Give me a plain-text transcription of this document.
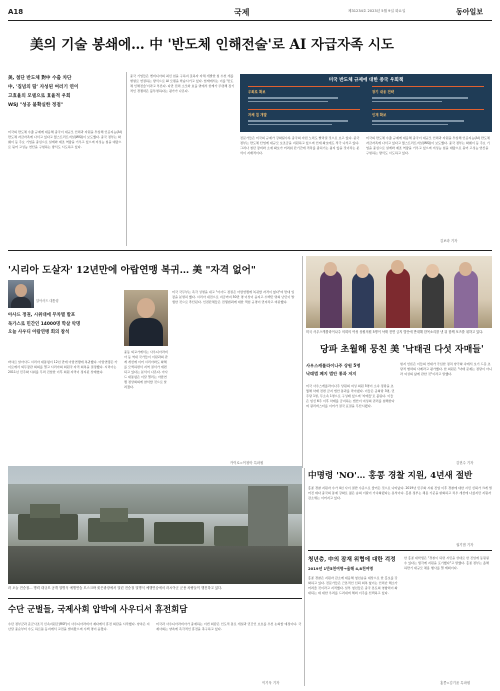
A18	국제	제31234호 2023년 5월 9일 화요일	동아일보
美의 기술 봉쇄에… 中 '반도체 인해전술'로 AI 자급자족 시도
美, 첨단 반도체 對中 수출 차단
中, '집념의 땀' 자성된 여러기 연이
고효율의 모델으로 효율적 우회
WSJ "성공 불확실한 정점"
미국의 반도체 수출 규제에 대응해 중국이 대규모 인력과 자원을 투입해 인공지능(AI) 반도체 자급자족에 나서고 있다고 월스트리트저널(WSJ)이 보도했다. 중국 정부는 화웨이 등 주요 기업을 중심으로 설계와 제조 역량을 키우고 있으며 저성능 칩을 대량으로 묶어 고성능 연산을 구현하는 방식도 시도하고 있다.
중국 기업들은 엔비디아의 최신 칩을 구하지 못하자 자체 개발한 칩 수천 개를 병렬로 연결하는 방식으로 AI 모델을 학습시키고 있다. 업계에서는 이를 '반도체 인해전술'이라고 부른다. 다만 전력 소모와 효율 면에서 한계가 뚜렷해 장기적인 경쟁력은 불투명하다는 평가가 나온다.
미국 반도체 규제에 대한 중국 우회책
우회로 확보	장기 대응 전략
자체 칩 개발	인재 확보
전문가들은 미국의 규제가 강화될수록 중국의 자립 노력도 빨라질 것으로 보고 있다. 중국 정부는 반도체 산업에 대규모 보조금을 지원하고 있으며 인재 확보에도 적극 나서고 있다. 그러나 첨단 장비와 소재 확보가 어려워 단기간에 격차를 좁히기는 쉽지 않을 것이라는 분석이 지배적이다.
미국의 반도체 수출 규제에 대응해 중국이 대규모 인력과 자원을 투입해 인공지능(AI) 반도체 자급자족에 나서고 있다고 월스트리트저널(WSJ)이 보도했다. 중국 정부는 화웨이 등 주요 기업을 중심으로 설계와 제조 역량을 키우고 있으며 저성능 칩을 대량으로 묶어 고성능 연산을 구현하는 방식도 시도하고 있다.
김보라 기자
'시리아 도살자' 12년만에 아랍연맹 복귀… 美 "자격 없어"
알아사드 대통령
아사드 정권, 시위대에 무차별 발포
독가스로 민간인 14000명 학살 악명
오늘 사우디 아랍연맹 회의 참석
바샤르 알아사드 시리아 대통령이 12년 만에 아랍연맹에 복귀했다. 아랍연맹은 카이로에서 외무장관 회의를 열고 시리아의 회원국 자격 회복을 결정했다. 시리아는 2011년 민주화 시위를 무력 진압한 이후 회원 자격이 정지된 상태였다.
미국 국무부는 즉각 성명을 내고 "아사드 정권은 아랍연맹에 복귀할 자격이 없다"며 반대 입장을 분명히 했다. 시리아 내전으로 지금까지 50만 명 이상이 숨지고 수백만 명의 난민이 발생한 것으로 추산된다. 인권단체들은 전쟁범죄에 대한 책임 규명이 먼저라고 비판했다.
중동 외교가에서는 사우디아라비아 등 역내 국가들이 이란과의 관계 개선에 이어 시리아와도 화해를 모색하면서 지역 질서가 재편되고 있다는 분석이 나온다. 아사드 대통령은 이달 열리는 아랍연맹 정상회의에 참석할 것으로 알려졌다.
카이로=이청아 특파원
미국 사우스캐롤라이나주 의회의 여성 상원의원 5명이 낙태 전면 금지 법안에 반대해 한목소리를 낸 뒤 함께 포즈를 취하고 있다.
당파 초월해 뭉친 美 '낙태권 다섯 자매들'
사우스캐롤라이나주 상원 5명
낙태법 폐지 법안 통과 저지
미국 사우스캐롤라이나주 상원의 여성 의원 5명이 소속 정당을 초월해 낙태 전면 금지 법안 통과를 막아냈다. 이들은 공화당 3명, 민주당 1명, 무소속 1명으로 구성돼 있으며 '자매들'로 불린다. 이들은 임신 6주 이후 낙태를 금지하는 법안이 여성의 권리를 침해한다며 필리버스터를 이어가 결국 표결을 무산시켰다.
현지 언론은 이들의 연대가 극심한 정치 양극화 속에서 보기 드문 초당적 협력의 사례라고 평가했다. 한 의원은 "낙태 문제는 정당이 아니라 여성의 삶에 관한 것"이라고 말했다.
김현수 기자
러 오늘 전승절… 병력 대규모 공개 열병식 예행연습 모스크바 붉은광장에서 열린 전승절 열병식 예행연습에서 러시아군 군용 차량들이 행진하고 있다.
수단 군벌들, 국제사회 압박에 사우디서 휴전회담
수단 정부군과 준군사조직 신속지원군(RSF)이 사우디아라비아 제다에서 휴전 회담을 시작했다. 양측은 지난달 중순부터 수도 하르툼 등지에서 교전을 벌여왔으며 수백 명이 숨졌다.
미국과 사우디아라비아가 중재하는 이번 회담은 인도적 통로 개설과 민간인 보호를 우선 논의할 예정이다. 국제사회는 양측에 즉각적인 휴전을 촉구하고 있다.
이기욱 기자
中명령 'NO'… 홍콩 경찰 지원, 4년새 절반
홍콩 경찰 지원자 수가 4년 사이 절반 수준으로 줄어든 것으로 나타났다. 2019년 민주화 시위 진압 이후 경찰에 대한 시민 신뢰가 크게 떨어진 데다 중국의 통제 강화로 젊은 층의 이탈이 가속화됐다는 분석이다. 홍콩 정부는 채용 기준을 완화하고 처우 개선에 나섰지만 지원자 감소세는 이어지고 있다.
권기범 기자
청년층, 中의 잠재 위협에 대한 걱정
2019년 1만5천여명→올해 4,8천여명
홍콩 경찰은 지원자 감소에 대응해 청년층을 대상으로 한 홍보를 강화하고 있다. 전문가들은 근본적인 신뢰 회복 없이는 인력난 해소가 어려울 것이라고 지적했다. 일부 청년들은 중국 본토의 영향력이 확대되는 데 대한 우려를 드러내며 해외 이주를 선택하고 있다.
한 홍콩 대학생은 "경찰이 되면 시민을 상대로 한 진압에 동원될 수 있다는 생각에 지원을 포기했다"고 말했다. 홍콩 정부는 올해 하반기 대규모 채용 행사를 열 계획이다.
홍콩=김기윤 특파원
